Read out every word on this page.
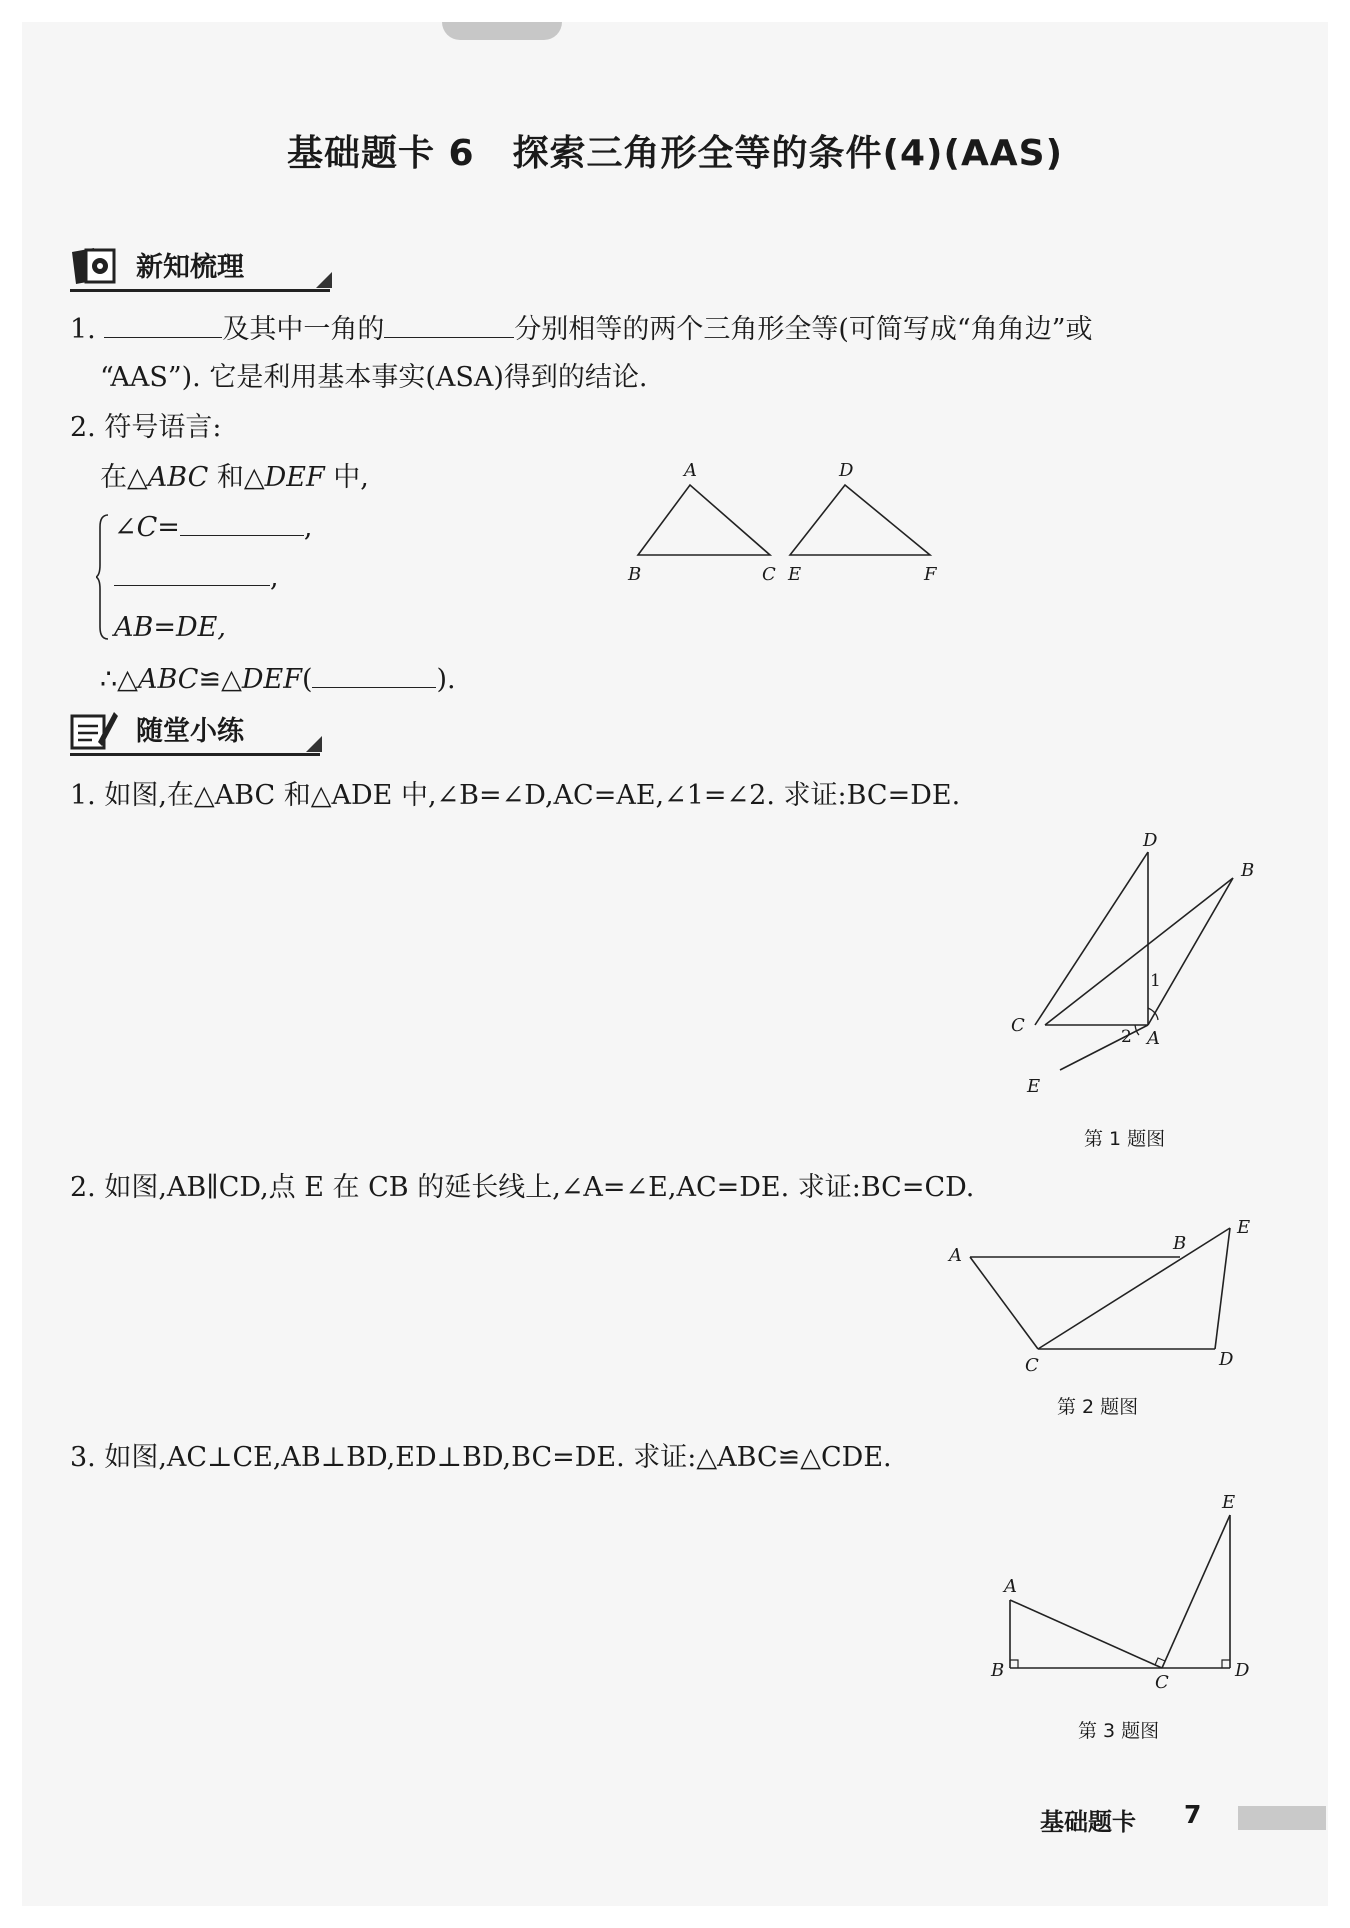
基础题卡 6 探索三角形全等的条件(4)(AAS)
新知梳理
1.	及其中一角的	分别相等的两个三角形全等(可简写成“角角边”或
“AAS”). 它是利用基本事实(ASA)得到的结论.
2. 符号语言:
在△ABC 和△DEF 中,
∠C=	,
,
AB=DE,
∴△ABC≌△DEF(	).
A
B	C
D
E	F
随堂小练
1. 如图,在△ABC 和△ADE 中,∠B=∠D,AC=AE,∠1=∠2. 求证:BC=DE.
D
B
C
A
E
1
2
第 1 题图
2. 如图,AB∥CD,点 E 在 CB 的延长线上,∠A=∠E,AC=DE. 求证:BC=CD.
A
B
C	D
E
第 2 题图
3. 如图,AC⊥CE,AB⊥BD,ED⊥BD,BC=DE. 求证:△ABC≌△CDE.
A
B
C
D
E
第 3 题图
基础题卡 7
